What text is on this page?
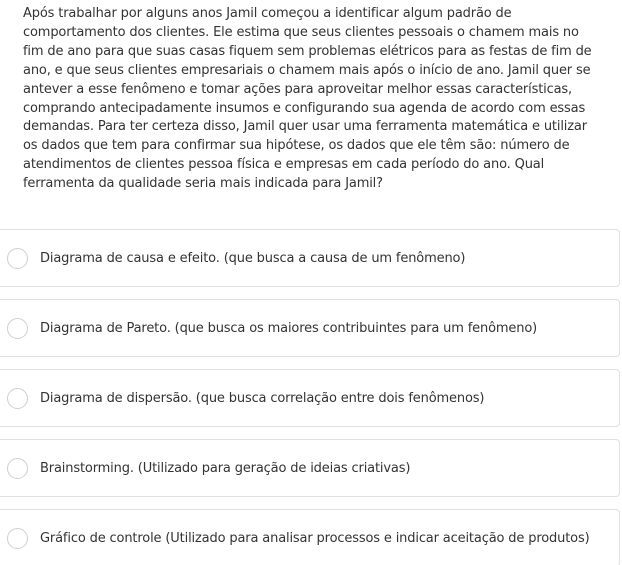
Após trabalhar por alguns anos Jamil começou a identificar algum padrão de comportamento dos clientes. Ele estima que seus clientes pessoais o chamem mais no fim de ano para que suas casas fiquem sem problemas elétricos para as festas de fim de ano, e que seus clientes empresariais o chamem mais após o início de ano. Jamil quer se antever a esse fenômeno e tomar ações para aproveitar melhor essas características, comprando antecipadamente insumos e configurando sua agenda de acordo com essas demandas. Para ter certeza disso, Jamil quer usar uma ferramenta matemática e utilizar os dados que tem para confirmar sua hipótese, os dados que ele têm são: número de atendimentos de clientes pessoa física e empresas em cada período do ano. Qual ferramenta da qualidade seria mais indicada para Jamil?

Diagrama de causa e efeito. (que busca a causa de um fenômeno)
Diagrama de Pareto. (que busca os maiores contribuintes para um fenômeno)
Diagrama de dispersão. (que busca correlação entre dois fenômenos)
Brainstorming. (Utilizado para geração de ideias criativas)
Gráfico de controle (Utilizado para analisar processos e indicar aceitação de produtos)
